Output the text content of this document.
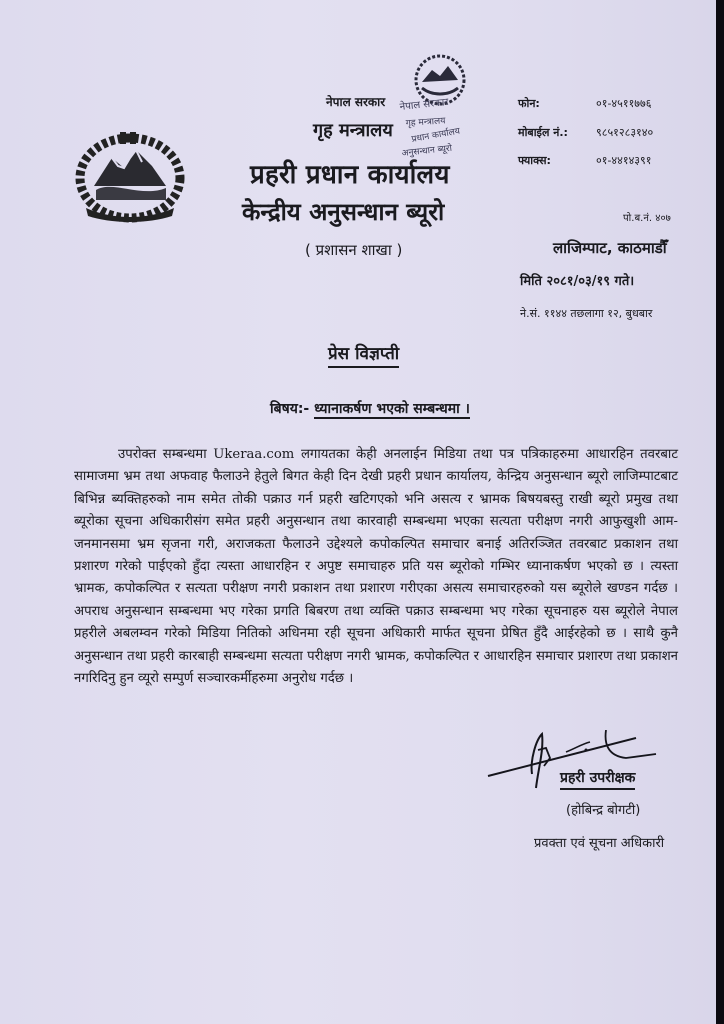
नेपाल सरकार
गृह मन्त्रालय
प्रधान कार्यालय
अनुसन्धान ब्यूरो
नेपाल सरकार
गृह मन्त्रालय
प्रहरी प्रधान कार्यालय
केन्द्रीय अनुसन्धान ब्यूरो
( प्रशासन शाखा )
फोन:	०१-४५११७७६
मोबाईल नं.:	९८५१२८३१४०
फ्याक्स:	०१-४४१४३९१
पो.ब.नं. ४०७
लाजिम्पाट, काठमाडौँ
मिति २०८१/०३/१९ गते।
ने.सं. ११४४ तछलागा १२, बुधबार
प्रेस विज्ञप्ती
बिषय:- ध्यानाकर्षण भएको सम्बन्धमा ।

उपरोक्त सम्बन्धमा Ukeraa.com लगायतका केही अनलाईन मिडिया तथा पत्र पत्रिकाहरुमा आधारहिन तवरबाट सामाजमा भ्रम तथा अफवाह फैलाउने हेतुले बिगत केही दिन देखी प्रहरी प्रधान कार्यालय, केन्द्रिय अनुसन्धान ब्यूरो लाजिम्पाटबाट बिभिन्न ब्यक्तिहरुको नाम समेत तोकी पक्राउ गर्न प्रहरी खटिगएको भनि असत्य र भ्रामक बिषयबस्तु राखी ब्यूरो प्रमुख तथा ब्यूरोका सूचना अधिकारीसंग समेत प्रहरी अनुसन्धान तथा कारवाही सम्बन्धमा भएका सत्यता परीक्षण नगरी आफुखुशी आम-जनमानसमा भ्रम सृजना गरी, अराजकता फैलाउने उद्देश्यले कपोकल्पित समाचार बनाई अतिरञ्जित तवरबाट प्रकाशन तथा प्रशारण गरेको पाईएको हुँदा त्यस्ता आधारहिन र अपुष्ट समाचाहरु प्रति यस ब्यूरोको गम्भिर ध्यानाकर्षण भएको छ । त्यस्ता भ्रामक, कपोकल्पित र सत्यता परीक्षण नगरी प्रकाशन तथा प्रशारण गरीएका असत्य समाचारहरुको यस ब्यूरोले खण्डन गर्दछ । अपराध अनुसन्धान सम्बन्धमा भए गरेका प्रगति बिबरण तथा व्यक्ति पक्राउ सम्बन्धमा भए गरेका सूचनाहरु यस ब्यूरोले नेपाल प्रहरीले अबलम्वन गरेको मिडिया नितिको अधिनमा रही सूचना अधिकारी मार्फत सूचना प्रेषित हुँदै आईरहेको छ । साथै कुनै अनुसन्धान तथा प्रहरी कारबाही सम्बन्धमा सत्यता परीक्षण नगरी भ्रामक, कपोकल्पित र आधारहिन समाचार प्रशारण तथा प्रकाशन नगरिदिनु हुन व्यूरो सम्पुर्ण सञ्चारकर्मीहरुमा अनुरोध गर्दछ ।

प्रहरी उपरीक्षक
(होबिन्द्र बोगटी)
प्रवक्ता एवं सूचना अधिकारी
